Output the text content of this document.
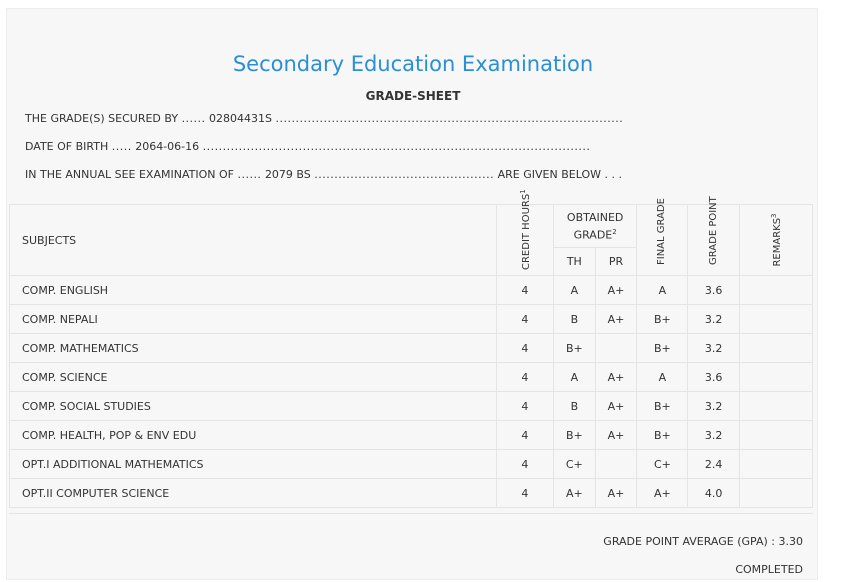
Secondary Education Examination
GRADE-SHEET
THE GRADE(S) SECURED BY ...... 02804431S .......................................................................................
DATE OF BIRTH ..... 2064-06-16 .................................................................................................
IN THE ANNUAL SEE EXAMINATION OF ...... 2079 BS ............................................. ARE GIVEN BELOW . . .
SUBJECTS	CREDIT HOURS$^1$	OBTAINED GRADE$^2$		FINAL GRADE	GRADE POINT	REMARKS$^3$

		TH	PR			
COMP. ENGLISH	4	A	A+	A	3.6	
COMP. NEPALI	4	B	A+	B+	3.2	
COMP. MATHEMATICS	4	B+		B+	3.2	
COMP. SCIENCE	4	A	A+	A	3.6	
COMP. SOCIAL STUDIES	4	B	A+	B+	3.2	
COMP. HEALTH, POP & ENV EDU	4	B+	A+	B+	3.2	
OPT.I ADDITIONAL MATHEMATICS	4	C+		C+	2.4	
OPT.II COMPUTER SCIENCE	4	A+	A+	A+	4.0	
GRADE POINT AVERAGE (GPA) : 3.30
COMPLETED
